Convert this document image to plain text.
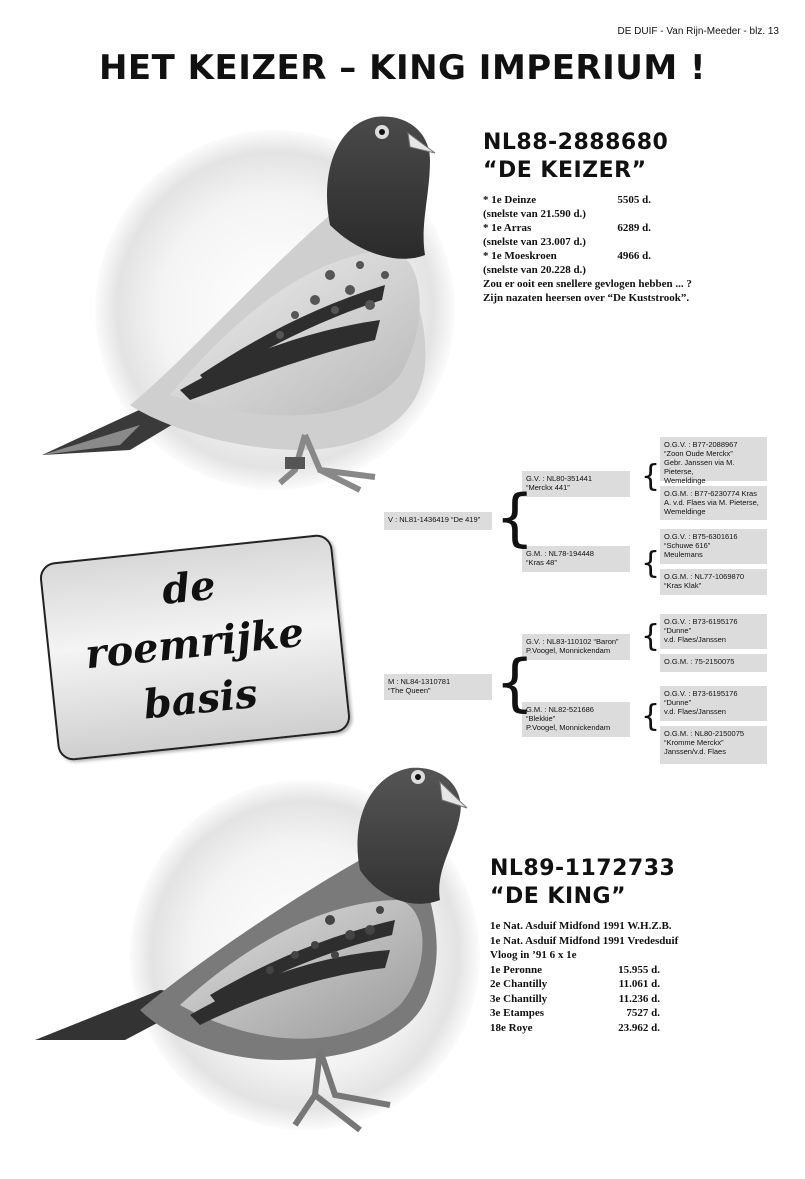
DE DUIF - Van Rijn-Meeder - blz. 13
HET KEIZER – KING IMPERIUM !
NL88-2888680
“DE KEIZER”
* 1e Deinze	5505 d.
(snelste van 21.590 d.)
* 1e Arras	6289 d.
(snelste van 23.007 d.)
* 1e Moeskroen	4966 d.
(snelste van 20.228 d.)
Zou er ooit een snellere gevlogen hebben ... ?
Zijn nazaten heersen over “De Kuststrook”.
V : NL81-1436419 “De 419”
M : NL84-1310781
“The Queen”
G.V. : NL80-351441
“Merckx 441”
G.M. : NL78-194448
“Kras 48”
G.V. : NL83-110102 “Baron”
P.Voogel, Monnickendam
G.M. : NL82-521686
“Blekkie”
P.Voogel, Monnickendam
O.G.V. : B77-2088967
“Zoon Oude Merckx”
Gebr. Janssen via M. Pieterse,
Wemeldinge
O.G.M. : B77-6230774 Kras
A. v.d. Flaes via M. Pieterse,
Wemeldinge
O.G.V. : B75-6301616
“Schuwe 616”
Meulemans
O.G.M. : NL77-1069870
“Kras Klak”
O.G.V. : B73-6195176
“Dunne”
v.d. Flaes/Janssen
O.G.M. : 75-2150075
O.G.V. : B73-6195176
“Dunne”
v.d. Flaes/Janssen
O.G.M. : NL80-2150075
“Kromme Merckx”
Janssen/v.d. Flaes
{
{
{
{
{
{
de
roemrijke
basis
NL89-1172733
“DE KING”
1e Nat. Asduif Midfond 1991 W.H.Z.B.
1e Nat. Asduif Midfond 1991 Vredesduif
Vloog in ’91 6 x 1e
1e Peronne	15.955 d.
2e Chantilly	11.061 d.
3e Chantilly	11.236 d.
3e Etampes	7527 d.
18e Roye	23.962 d.
